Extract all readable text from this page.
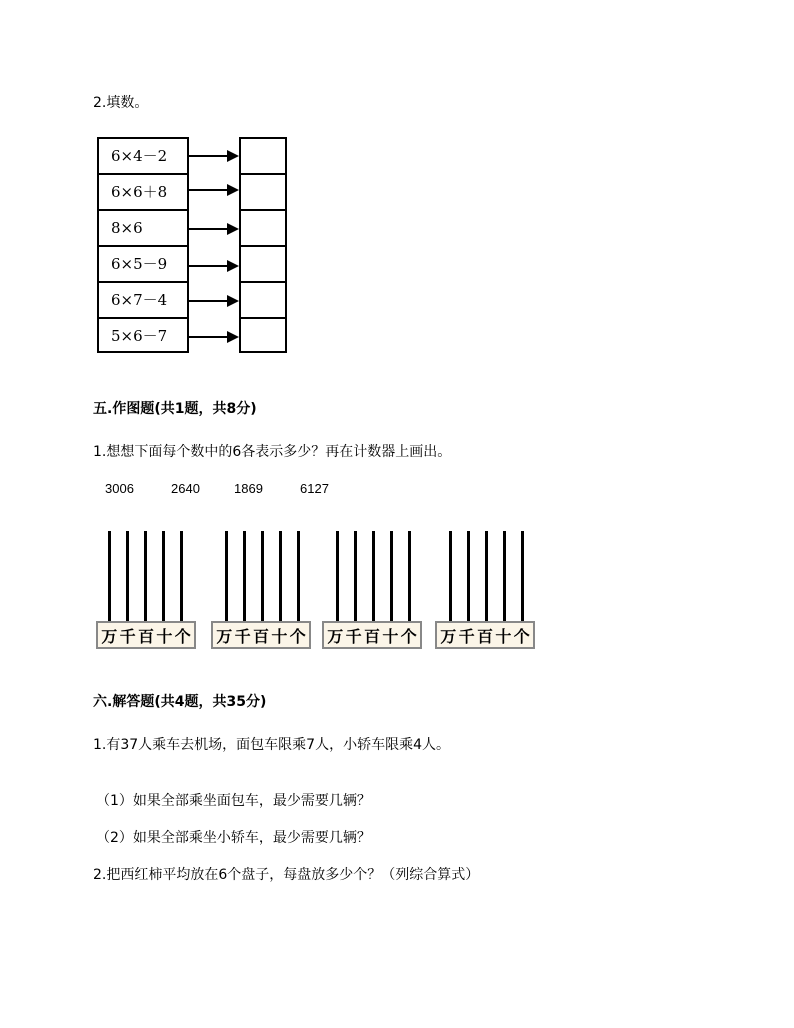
2.填数。
6×4－2
6×6＋8
8×6
6×5－9
6×7－4
5×6－7
五.作图题(共1题，共8分)
1.想想下面每个数中的6各表示多少？再在计数器上画出。
3006	2640	1869	6127
万 千 百 十 个 万 千 百 十 个 万 千 百 十 个 万 千 百 十 个
六.解答题(共4题，共35分)
1.有37人乘车去机场，面包车限乘7人，小轿车限乘4人。
（1）如果全部乘坐面包车，最少需要几辆？
（2）如果全部乘坐小轿车，最少需要几辆？
2.把西红柿平均放在6个盘子，每盘放多少个？（列综合算式）
